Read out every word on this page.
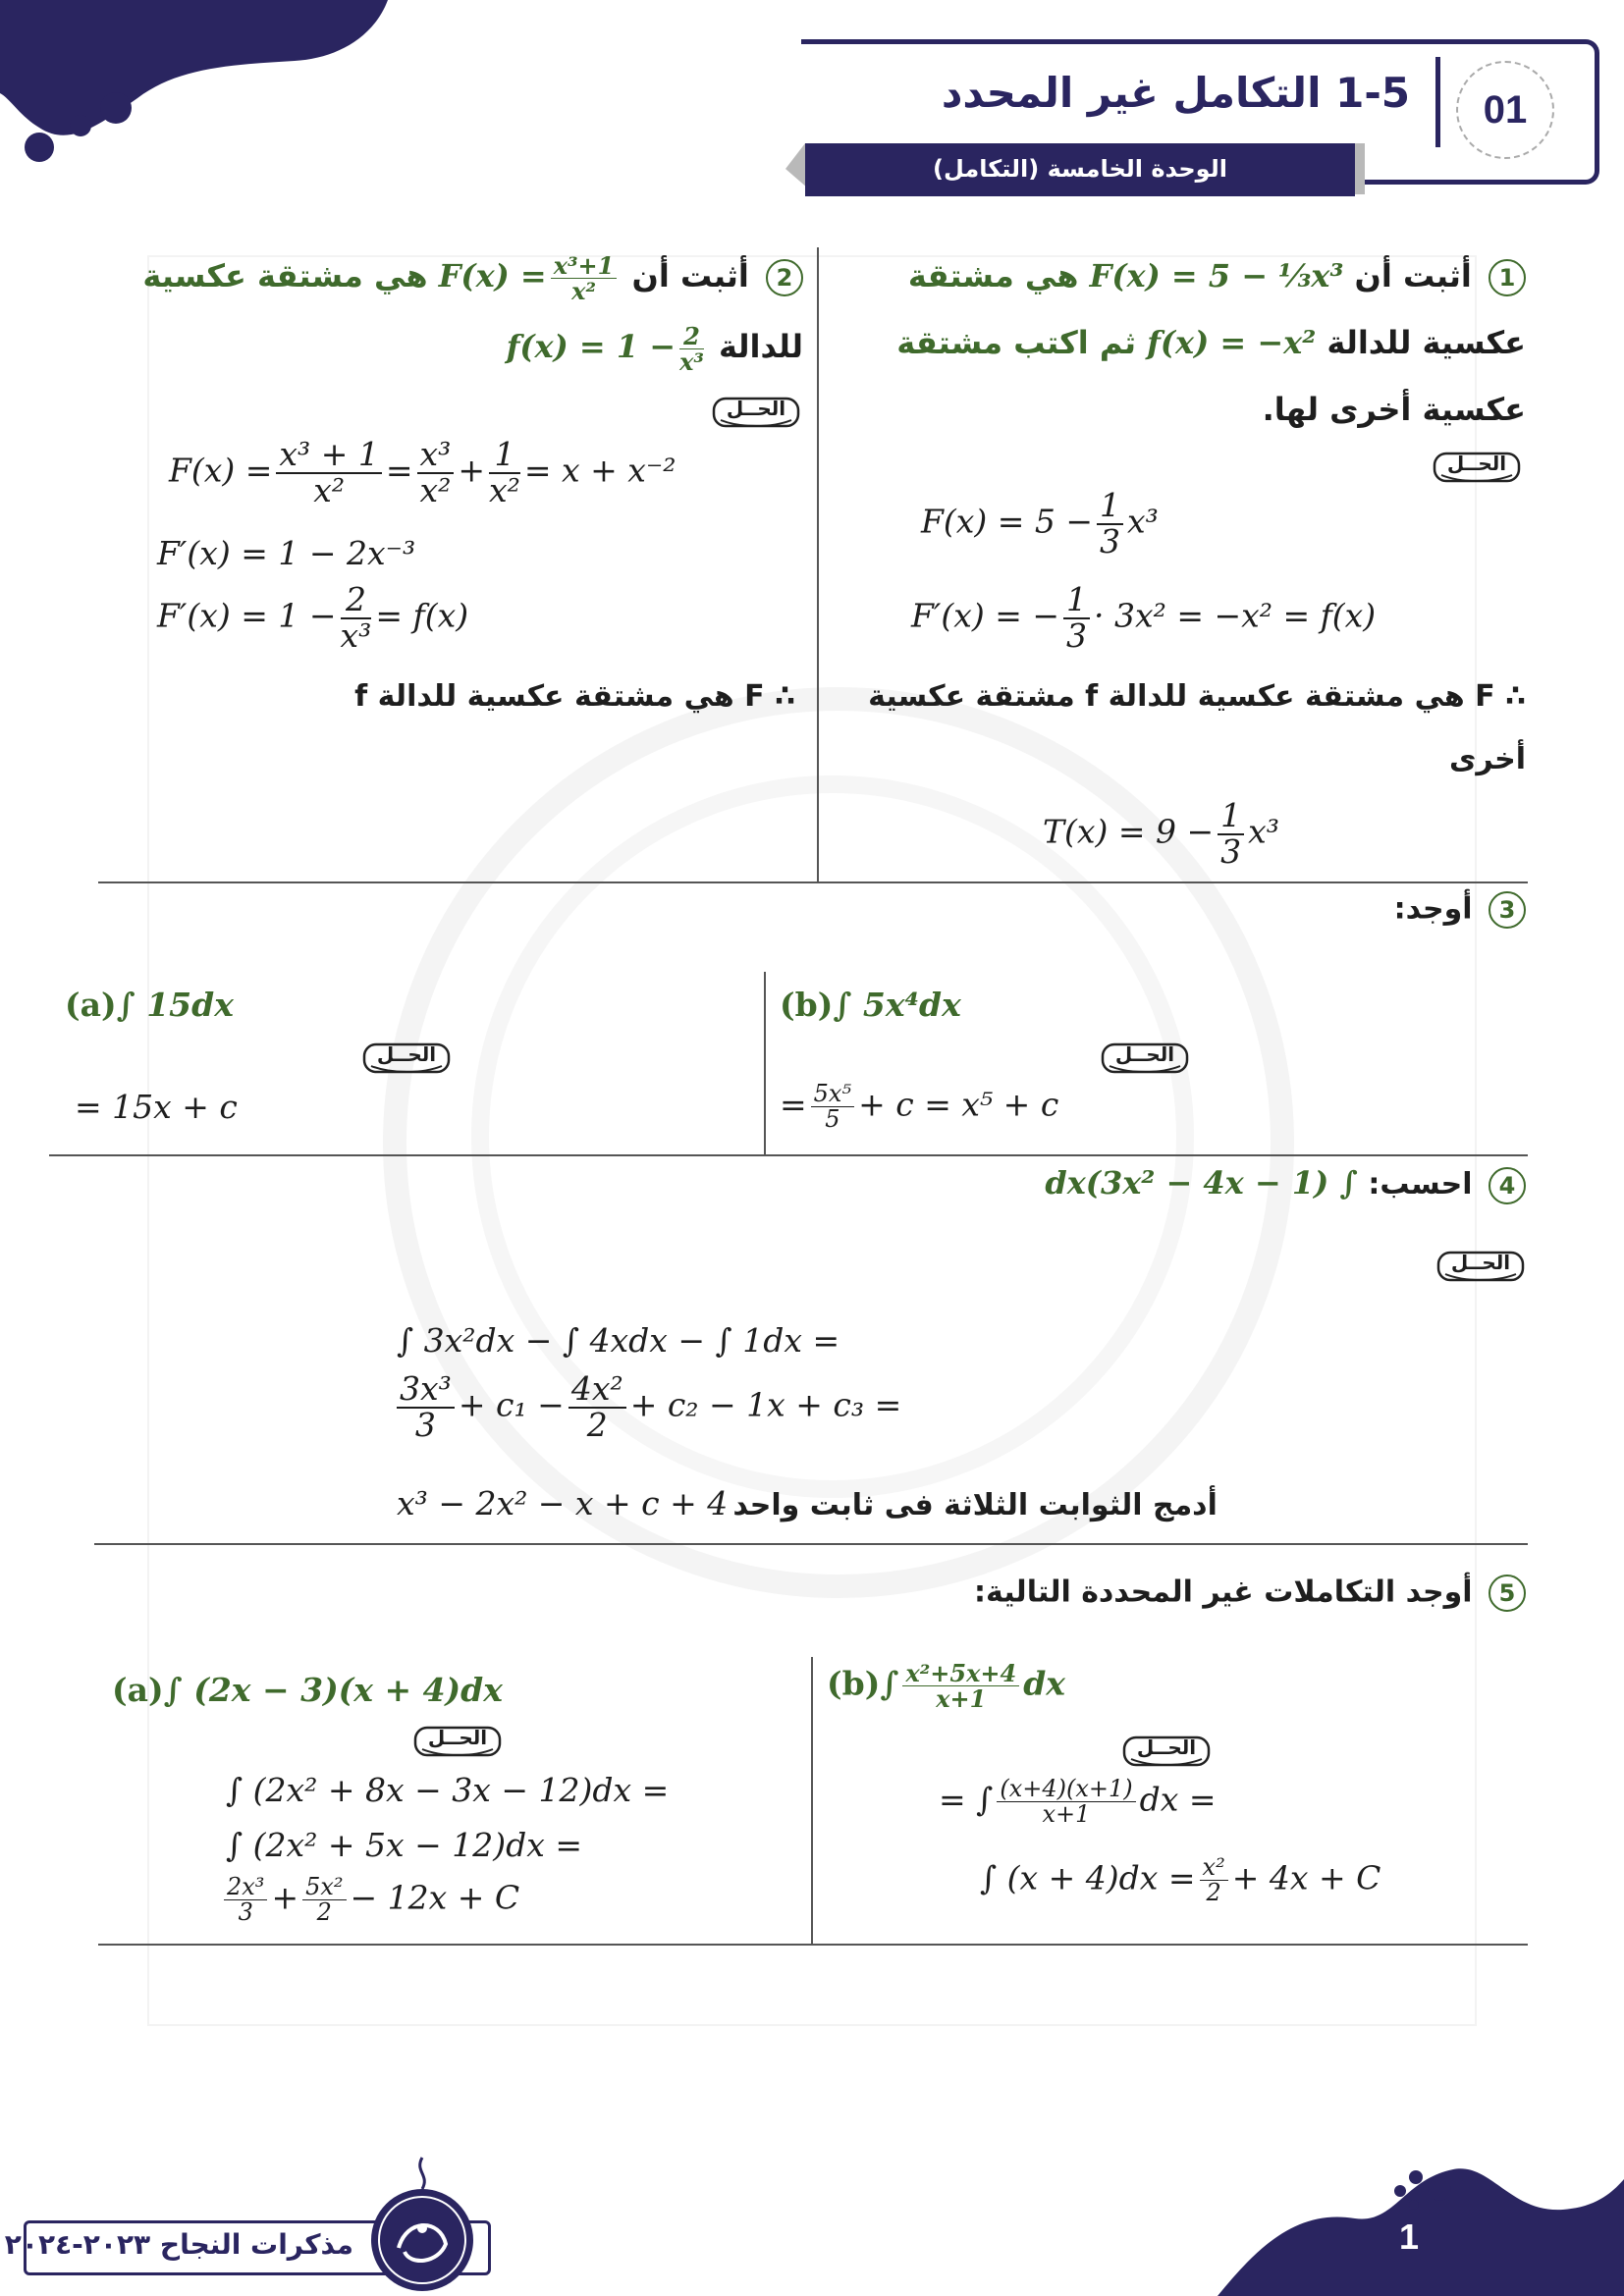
1-5 التكامل غير المحدد	01
الوحدة الخامسة (التكامل)
1 أثبت أن F(x) = 5 − ⅓x³ هي مشتقة
عكسية للدالة f(x) = −x² ثم اكتب مشتقة
عكسية أخرى لها.
الحــل
$F(x) = 5 - \frac{1}{3} x^3$
F′(x) = − $\frac{1}{3} \cdot 3x^2 = -x^2 = f(x)$
∴ F هي مشتقة عكسية للدالة f مشتقة عكسية
أخرى
$T(x) = 9 - \frac{1}{3} x^3$
2 أثبت أن $F(x) = \frac{\text{x³+1}}{\text{x²}}$
هي مشتقة عكسية
للدالة $f(x) = 1 - \frac{2}{\text{x³}}$
الحــل
$F(x) = \frac{\text{x³ + 1}}{\text{x²}} = \frac{\text{x³}}{\text{x²}} + \frac{1}{\text{x²}} = x + x^{-2}$
F′(x) = 1 − 2x⁻³
$F'(x) = 1 - \frac{2}{\text{x³}} = f(x)$
∴ F هي مشتقة عكسية للدالة f
3 أوجد:
(a)∫ 15dx
الحــل
= 15x + c
(b)∫ 5x⁴dx
الحــل
= $\frac{\text{5x⁵}}{5} + c = x^5 + c$
4 احسب: ∫ (3x² − 4x − 1)dx
الحــل
∫ 3x²dx − ∫ 4xdx − ∫ 1dx =
$\frac{\text{3x³}}{3} + c_1 - \frac{\text{4x²}}{2} + c_2 - 1x + c_3$ =
x³ − 2x² − x + c + 4 أدمج الثوابت الثلاثة فى ثابت واحد
5 أوجد التكاملات غير المحددة التالية:
(a)∫ (2x − 3)(x + 4)dx
الحــل
∫ (2x² + 8x − 3x − 12)dx =
∫ (2x² + 5x − 12)dx =
$\frac{\text{2x³}}{3} + \frac{\text{5x²}}{2} - 12x + C$
$(b)\int \frac{\text{x²+5x+4}}{x+1}$ dx
الحــل
= ∫ $\frac{(x+4)(x+1)}{x+1}$ dx =
∫ $(x + 4)dx = \frac{\text{x²}}{2} + 4x + C$
مذكرات النجاح ٢٠٢٣-٢٠٢٤	1
